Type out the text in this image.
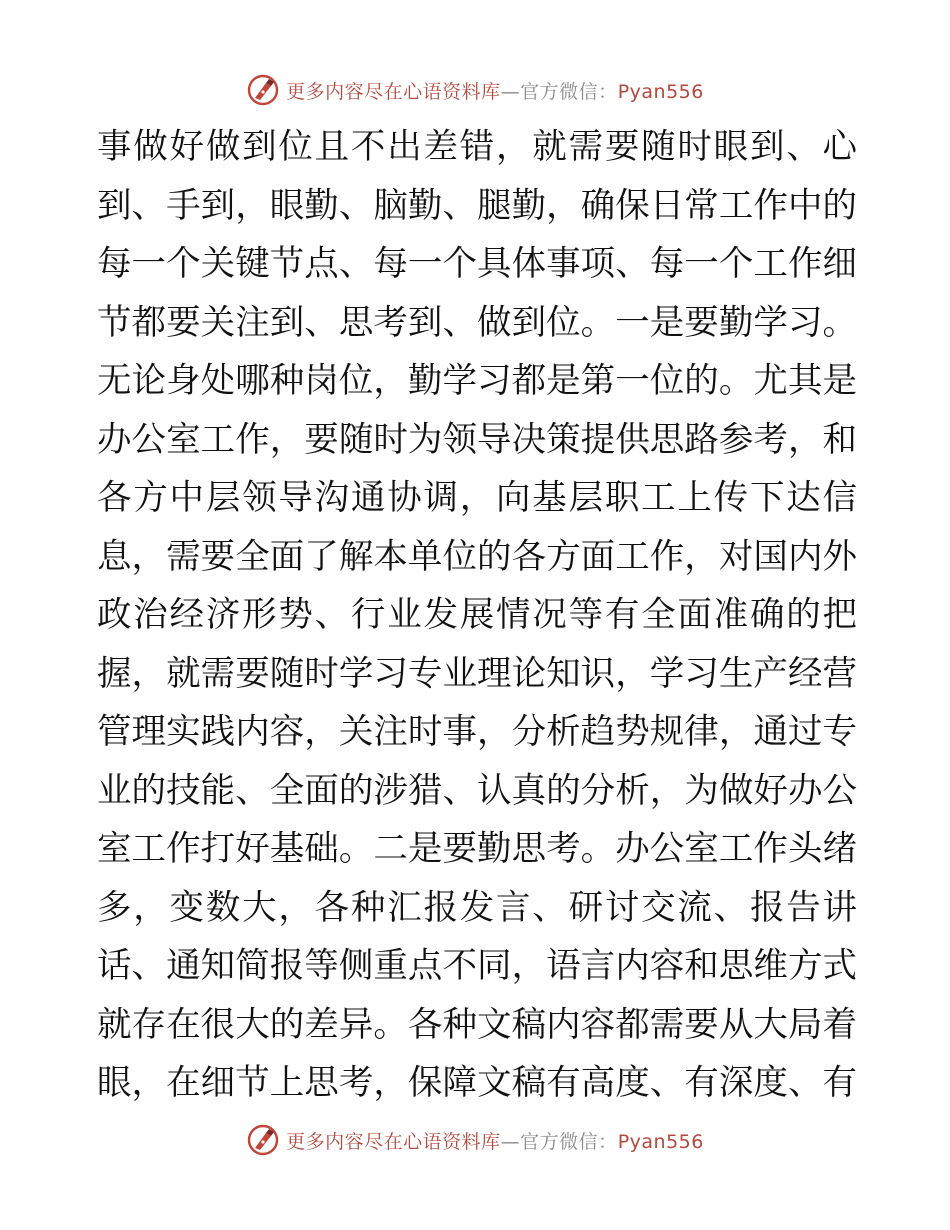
更多内容尽在心语资料库—官方微信：Pyan556
事做好做到位且不出差错，就需要随时眼到、心
到、手到，眼勤、脑勤、腿勤，确保日常工作中的
每一个关键节点、每一个具体事项、每一个工作细
节都要关注到、思考到、做到位。一是要勤学习。
无论身处哪种岗位，勤学习都是第一位的。尤其是
办公室工作，要随时为领导决策提供思路参考，和
各方中层领导沟通协调，向基层职工上传下达信
息，需要全面了解本单位的各方面工作，对国内外
政治经济形势、行业发展情况等有全面准确的把
握，就需要随时学习专业理论知识，学习生产经营
管理实践内容，关注时事，分析趋势规律，通过专
业的技能、全面的涉猎、认真的分析，为做好办公
室工作打好基础。二是要勤思考。办公室工作头绪
多，变数大，各种汇报发言、研讨交流、报告讲
话、通知简报等侧重点不同，语言内容和思维方式
就存在很大的差异。各种文稿内容都需要从大局着
眼，在细节上思考，保障文稿有高度、有深度、有
更多内容尽在心语资料库—官方微信：Pyan556
